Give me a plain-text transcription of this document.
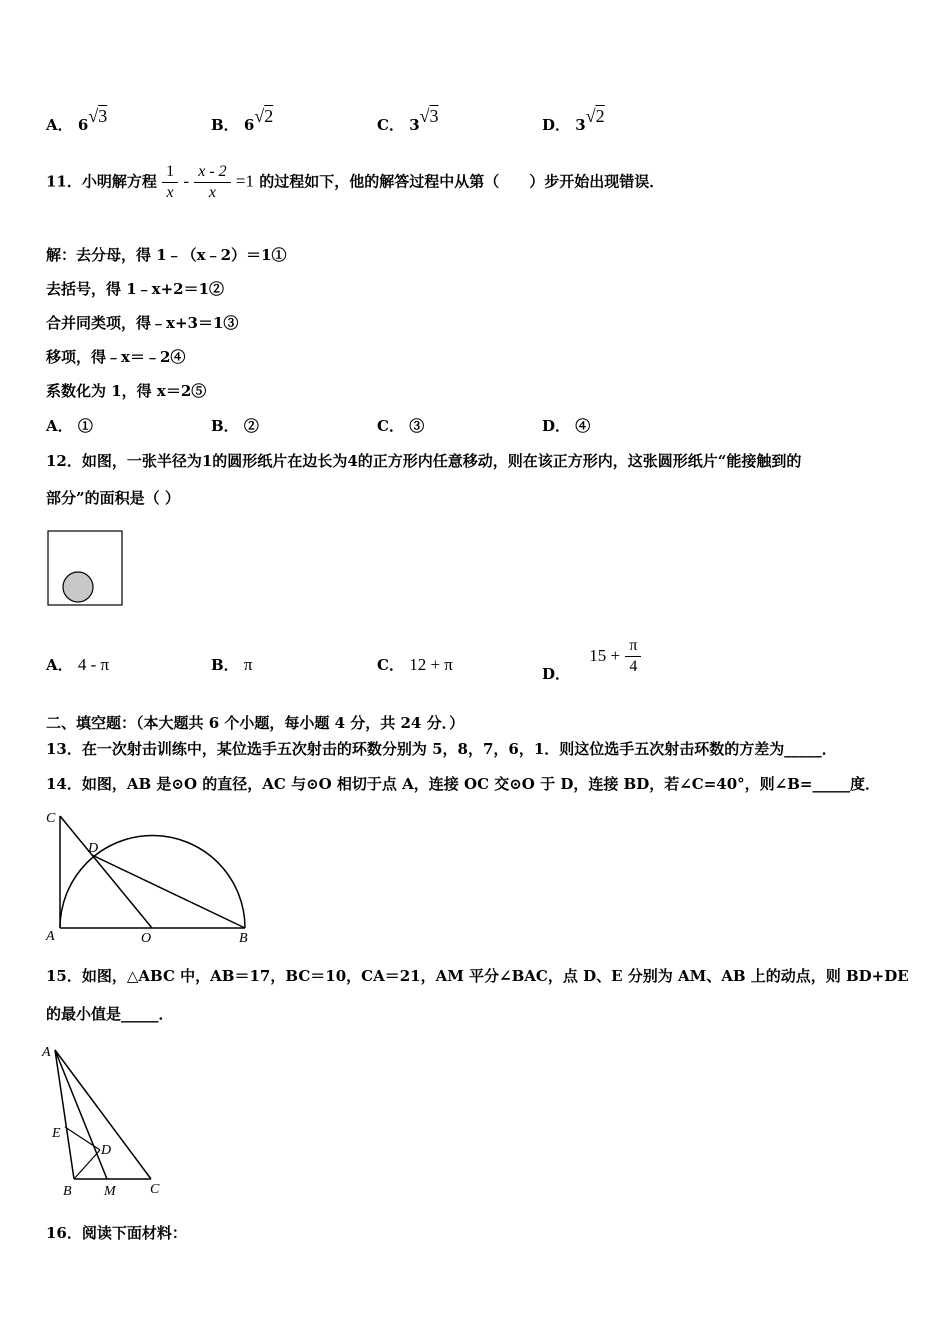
A． 6√3	B． 6√2	C． 3√3	D． 3√2
11．小明解方程 $\frac{1}{x} - \frac{x - 2}{x} =1$ 的过程如下，他的解答过程中从第（　　）步开始出现错误．
解：去分母，得 1﹣（x﹣2）＝1①
去括号，得 1﹣x+2＝1②
合并同类项，得﹣x+3＝1③
移项，得﹣x＝﹣2④
系数化为 1，得 x＝2⑤
A． ①	B． ②	C． ③	D． ④
12．如图，一张半径为1的圆形纸片在边长为4的正方形内任意移动，则在该正方形内，这张圆形纸片“能接触到的
部分”的面积是（ ）
A． 4 - π	B． π	C． 12 + π	D． $15 + \frac{\pi}{4}$
二、填空题：（本大题共 6 个小题，每小题 4 分，共 24 分．）
13．在一次射击训练中，某位选手五次射击的环数分别为 5，8，7，6，1．则这位选手五次射击环数的方差为_____．
14．如图，AB 是⊙O 的直径，AC 与⊙O 相切于点 A，连接 OC 交⊙O 于 D，连接 BD，若∠C=40°，则∠B=_____度．
C
D
A	O	B
15．如图，△ABC 中，AB＝17，BC＝10，CA＝21，AM 平分∠BAC，点 D、E 分别为 AM、AB 上的动点，则 BD+DE
的最小值是_____．
A
E
D
B M C
16．阅读下面材料：
